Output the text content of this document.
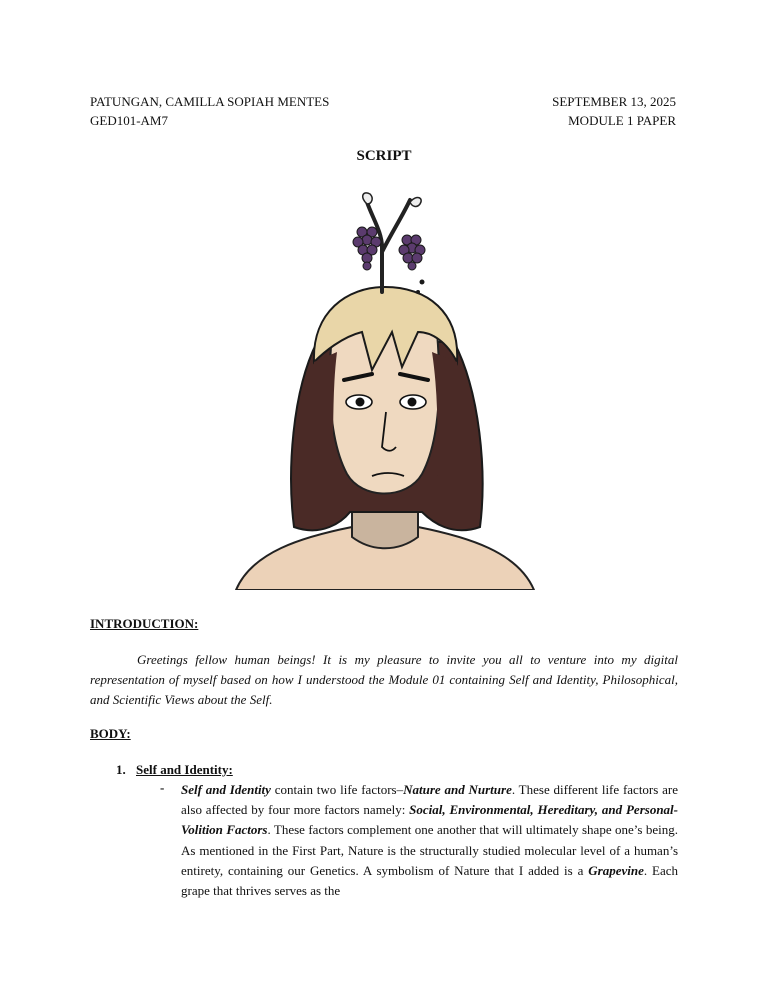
PATUNGAN, CAMILLA SOPIAH MENTES
GED101-AM7
SEPTEMBER 13, 2025
MODULE 1 PAPER
SCRIPT
INTRODUCTION:

Greetings fellow human beings! It is my pleasure to invite you all to venture into my digital representation of myself based on how I understood the Module 01 containing Self and Identity, Philosophical, and Scientific Views about the Self.

BODY:
1. Self and Identity:
- Self and Identity contain two life factors–Nature and Nurture. These different life factors are also affected by four more factors namely: Social, Environmental, Hereditary, and Personal-Volition Factors. These factors complement one another that will ultimately shape one’s being. As mentioned in the First Part, Nature is the structurally studied molecular level of a human’s entirety, containing our Genetics. A symbolism of Nature that I added is a Grapevine. Each grape that thrives serves as the
